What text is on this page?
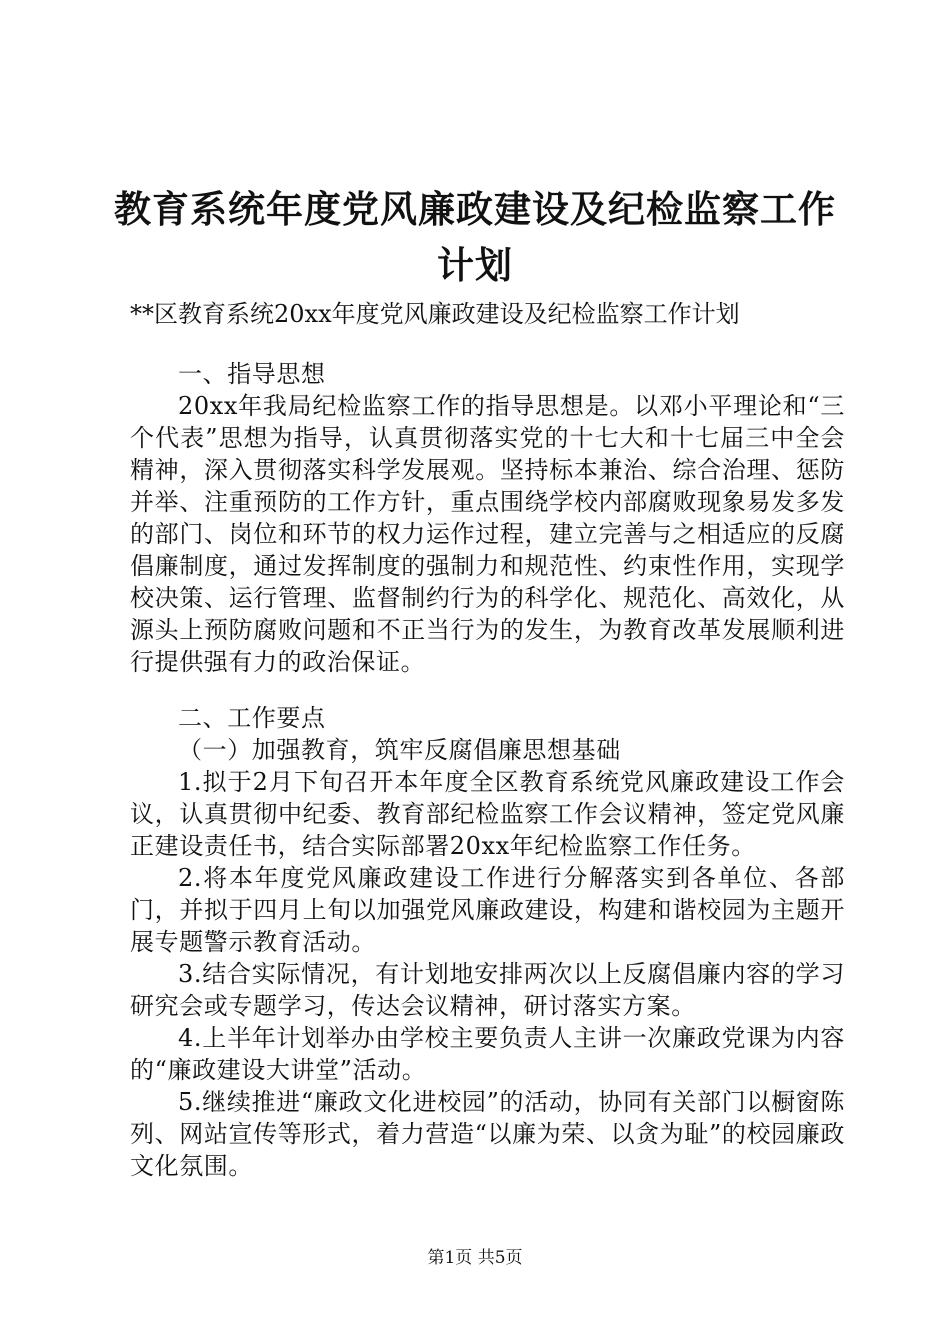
教育系统年度党风廉政建设及纪检监察工作计划
**区教育系统20xx年度党风廉政建设及纪检监察工作计划

一、指导思想

20xx年我局纪检监察工作的指导思想是。以邓小平理论和“三个代表”思想为指导，认真贯彻落实党的十七大和十七届三中全会精神，深入贯彻落实科学发展观。坚持标本兼治、综合治理、惩防并举、注重预防的工作方针，重点围绕学校内部腐败现象易发多发的部门、岗位和环节的权力运作过程，建立完善与之相适应的反腐倡廉制度，通过发挥制度的强制力和规范性、约束性作用，实现学校决策、运行管理、监督制约行为的科学化、规范化、高效化，从源头上预防腐败问题和不正当行为的发生，为教育改革发展顺利进行提供强有力的政治保证。

二、工作要点

（一）加强教育，筑牢反腐倡廉思想基础

1.拟于2月下旬召开本年度全区教育系统党风廉政建设工作会议，认真贯彻中纪委、教育部纪检监察工作会议精神，签定党风廉正建设责任书，结合实际部署20xx年纪检监察工作任务。

2.将本年度党风廉政建设工作进行分解落实到各单位、各部门，并拟于四月上旬以加强党风廉政建设，构建和谐校园为主题开展专题警示教育活动。

3.结合实际情况，有计划地安排两次以上反腐倡廉内容的学习研究会或专题学习，传达会议精神，研讨落实方案。

4.上半年计划举办由学校主要负责人主讲一次廉政党课为内容的“廉政建设大讲堂”活动。

5.继续推进“廉政文化进校园”的活动，协同有关部门以橱窗陈列、网站宣传等形式，着力营造“以廉为荣、以贪为耻”的校园廉政文化氛围。

第1页 共5页
